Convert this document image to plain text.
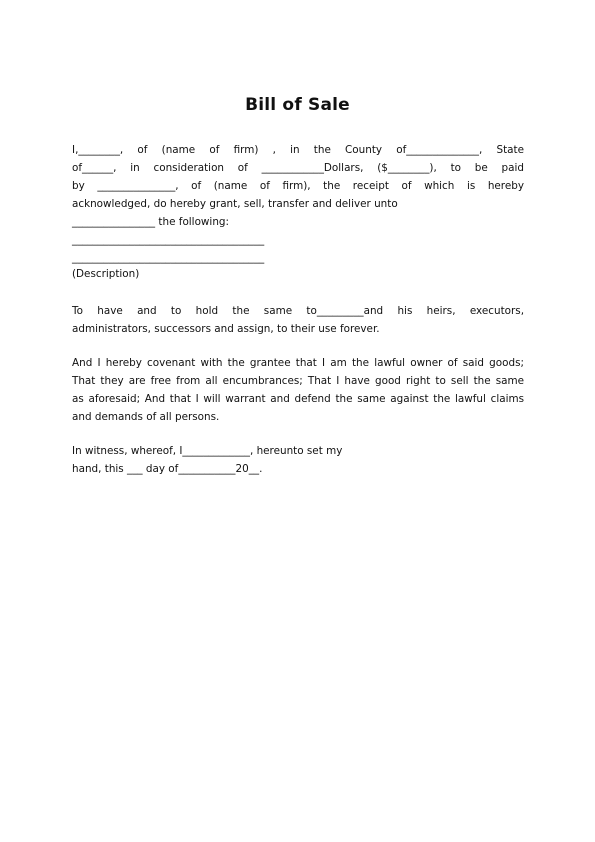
Bill of Sale
I,________, of (name of firm) , in the County of______________, State
of______, in consideration of ____________Dollars, ($________), to be paid
by _______________, of (name of firm), the receipt of which is hereby
acknowledged, do hereby grant, sell, transfer and deliver unto
________________ the following:
_____________________________________
_____________________________________
(Description)
To have and to hold the same to_________and his heirs, executors,
administrators, successors and assign, to their use forever.
And I hereby covenant with the grantee that I am the lawful owner of said goods;
That they are free from all encumbrances; That I have good right to sell the same
as aforesaid; And that I will warrant and defend the same against the lawful claims
and demands of all persons.
In witness, whereof, I_____________, hereunto set my
hand, this ___ day of___________20__.
